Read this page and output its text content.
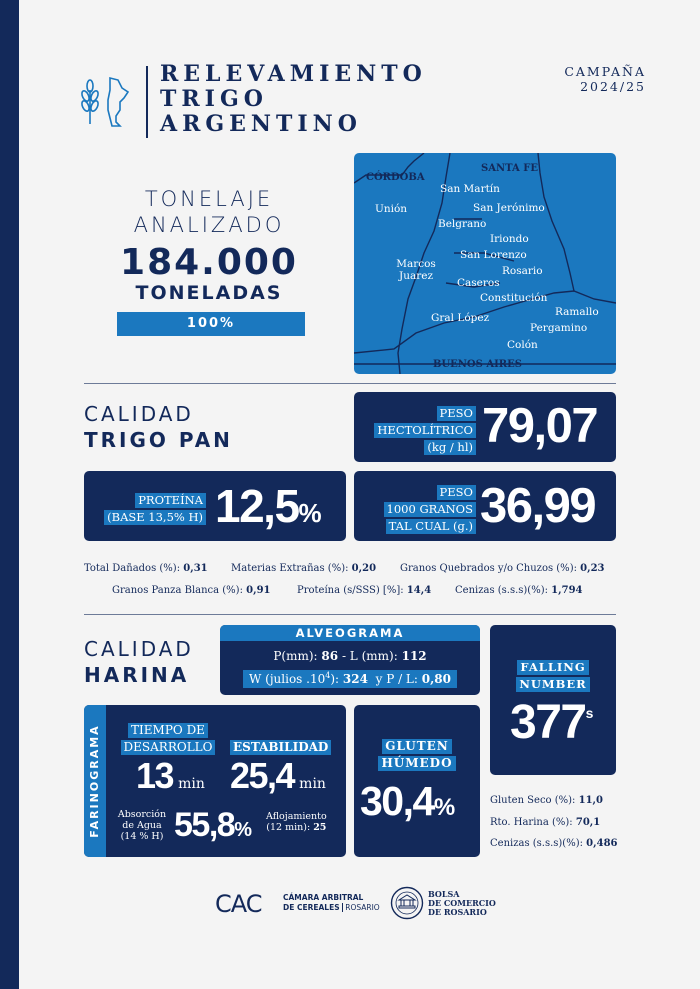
RELEVAMIENTO
TRIGO
ARGENTINO
CAMPAÑA
2024/25
TONELAJE
ANALIZADO
184.000
TONELADAS
100%
CÓRDOBA
SANTA FE
BUENOS AIRES
San Martín
Unión	San Jerónimo
Belgrano
Iriondo
Marcos Juarez
San Lorenzo
Rosario
Caseros
Constitución
Ramallo
Gral López
Pergamino
Colón
CALIDAD
TRIGO PAN
PESO
HECTOLÍTRICO
(kg / hl) 79,07
PROTEÍNA
(BASE 13,5% H) 12,5%
PESO
1000 GRANOS
TAL CUAL (g.) 36,99
Total Dañados (%): 0,31 Materias Extrañas (%): 0,20 Granos Quebrados y/o Chuzos (%): 0,23
Granos Panza Blanca (%): 0,91	Proteína (s/SSS) [%]: 14,4 Cenizas (s.s.s)(%): 1,794
CALIDAD
HARINA
ALVEOGRAMA
P(mm): 86 - L (mm): 112
W (julios $.10^4$): 324 y P / L: 0,80
FALLING
NUMBER
377$^s$
FARINOGRAMA	TIEMPO DE
DESARROLLO
13 min
ESTABILIDAD
25,4 min
Absorción
de Agua
(14 % H) 55,8%
Aflojamiento
(12 min): 25
GLUTEN
HÚMEDO
30,4%	Gluten Seco (%): 11,0
Rto. Harina (%): 70,1
Cenizas (s.s.s)(%): 0,486
CAC	CÁMARA ARBITRAL
DE CEREALES ROSARIO
BOLSA
DE COMERCIO
DE ROSARIO
